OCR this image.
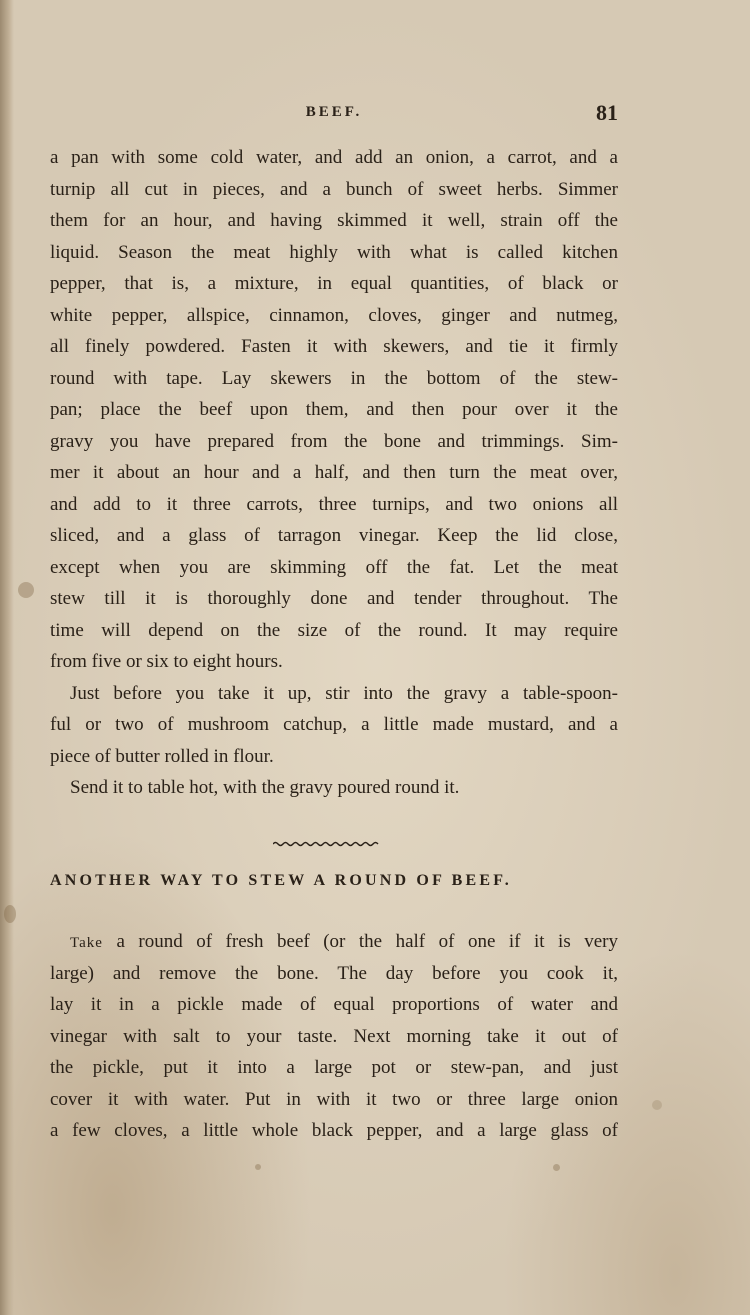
BEEF.	81
a pan with some cold water, and add an onion, a carrot, and a
turnip all cut in pieces, and a bunch of sweet herbs. Simmer
them for an hour, and having skimmed it well, strain off the
liquid. Season the meat highly with what is called kitchen
pepper, that is, a mixture, in equal quantities, of black or
white pepper, allspice, cinnamon, cloves, ginger and nutmeg,
all finely powdered. Fasten it with skewers, and tie it firmly
round with tape. Lay skewers in the bottom of the stew-
pan; place the beef upon them, and then pour over it the
gravy you have prepared from the bone and trimmings. Sim-
mer it about an hour and a half, and then turn the meat over,
and add to it three carrots, three turnips, and two onions all
sliced, and a glass of tarragon vinegar. Keep the lid close,
except when you are skimming off the fat. Let the meat
stew till it is thoroughly done and tender throughout. The
time will depend on the size of the round. It may require
from five or six to eight hours.
Just before you take it up, stir into the gravy a table-spoon-
ful or two of mushroom catchup, a little made mustard, and a
piece of butter rolled in flour.
Send it to table hot, with the gravy poured round it.
ANOTHER WAY TO STEW A ROUND OF BEEF.
Take a round of fresh beef (or the half of one if it is very
large) and remove the bone. The day before you cook it,
lay it in a pickle made of equal proportions of water and
vinegar with salt to your taste. Next morning take it out of
the pickle, put it into a large pot or stew-pan, and just
cover it with water. Put in with it two or three large onion
a few cloves, a little whole black pepper, and a large glass of
